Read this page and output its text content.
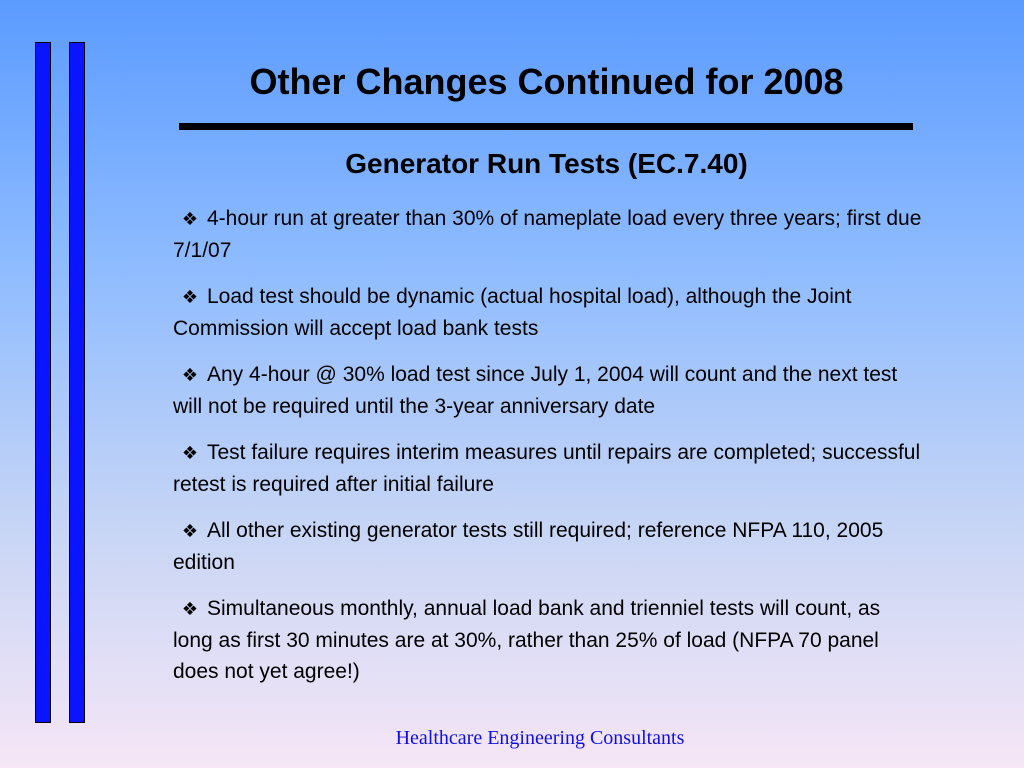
Other Changes Continued for 2008
Generator Run Tests (EC.7.40)
❖ 4-hour run at greater than 30% of nameplate load every three years; first due 7/1/07
❖ Load test should be dynamic (actual hospital load), although the Joint Commission will accept load bank tests
❖ Any 4-hour @ 30% load test since July 1, 2004 will count and the next test will not be required until the 3-year anniversary date
❖ Test failure requires interim measures until repairs are completed; successful retest is required after initial failure
❖ All other existing generator tests still required; reference NFPA 110, 2005 edition
❖ Simultaneous monthly, annual load bank and trienniel tests will count, as long as first 30 minutes are at 30%, rather than 25% of load (NFPA 70 panel does not yet agree!)
Healthcare Engineering Consultants
